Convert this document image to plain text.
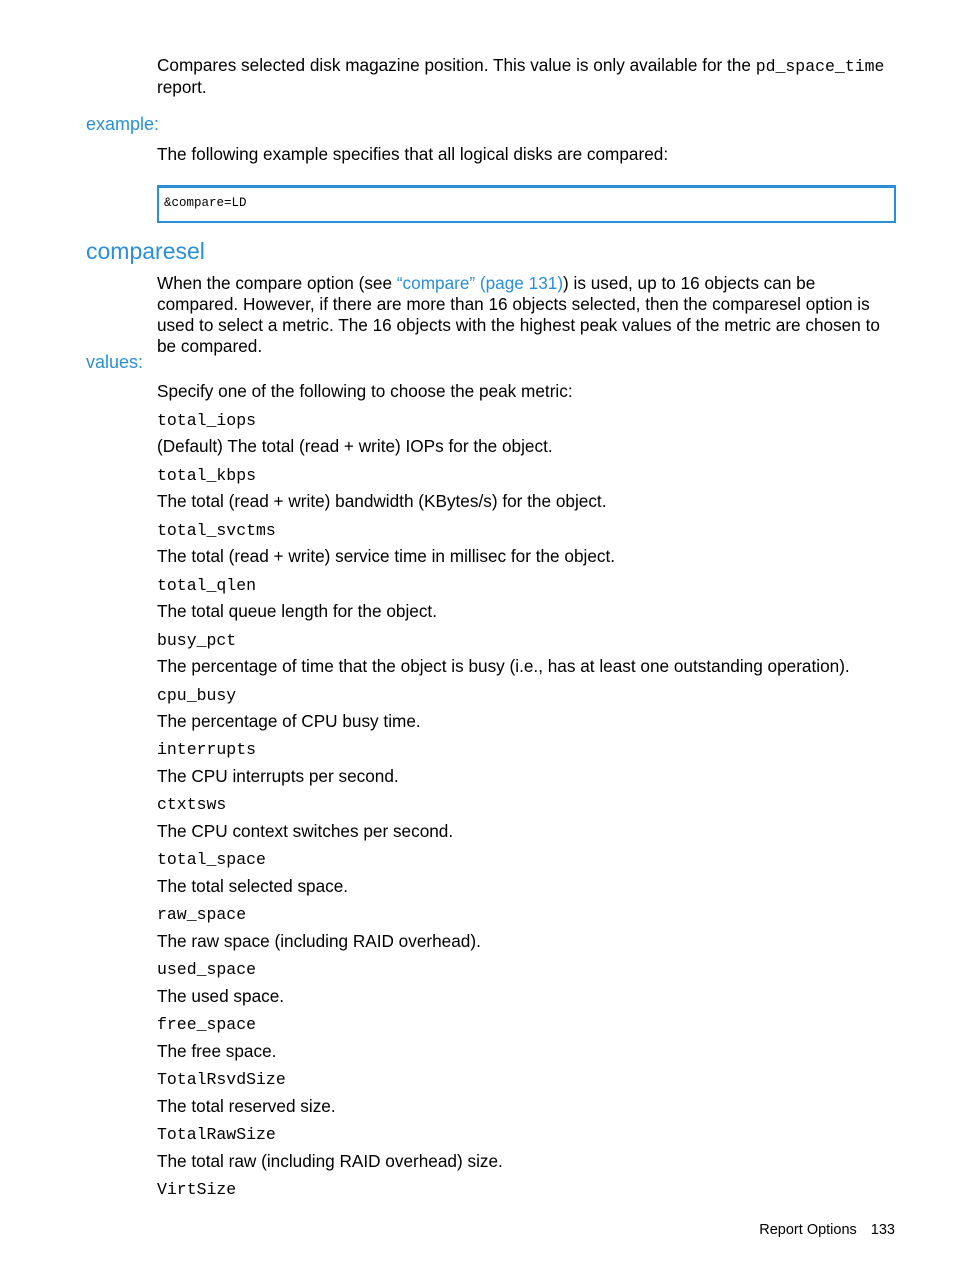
Compares selected disk magazine position. This value is only available for the pd_space_time
report.

example:

The following example specifies that all logical disks are compared:

&compare=LD
comparesel

When the compare option (see “compare” (page 131)) is used, up to 16 objects can be compared. However, if there are more than 16 objects selected, then the comparesel option is used to select a metric. The 16 objects with the highest peak values of the metric are chosen to be compared.

values:

Specify one of the following to choose the peak metric:

total_iops

(Default) The total (read + write) IOPs for the object.

total_kbps

The total (read + write) bandwidth (KBytes/s) for the object.

total_svctms

The total (read + write) service time in millisec for the object.

total_qlen

The total queue length for the object.

busy_pct

The percentage of time that the object is busy (i.e., has at least one outstanding operation).

cpu_busy

The percentage of CPU busy time.

interrupts

The CPU interrupts per second.

ctxtsws

The CPU context switches per second.

total_space

The total selected space.

raw_space

The raw space (including RAID overhead).

used_space

The used space.

free_space

The free space.

TotalRsvdSize

The total reserved size.

TotalRawSize

The total raw (including RAID overhead) size.

VirtSize

Report Options 133
